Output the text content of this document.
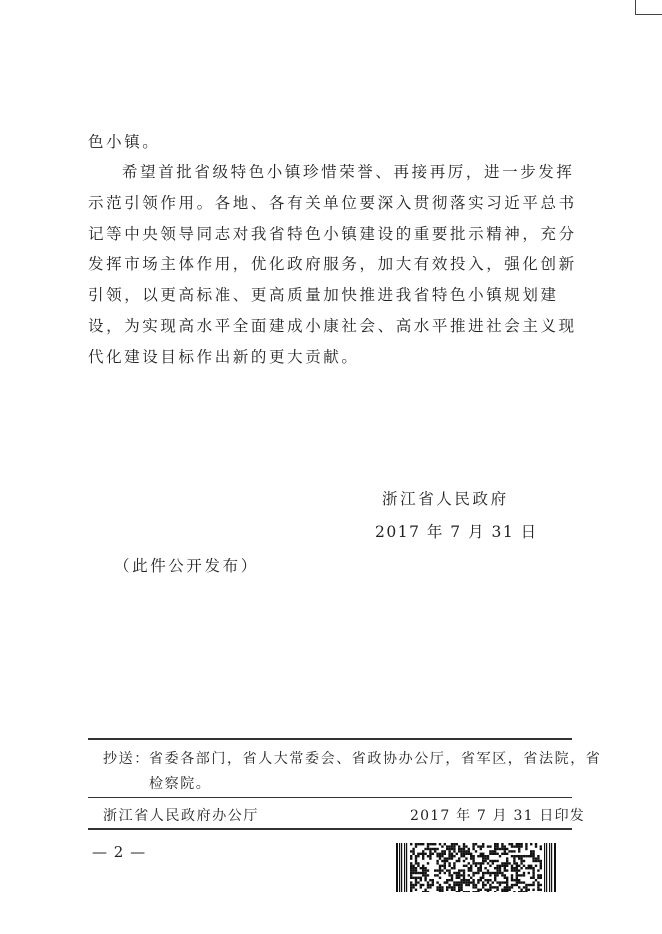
色小镇。

希望首批省级特色小镇珍惜荣誉、再接再厉，进一步发挥示范引领作用。各地、各有关单位要深入贯彻落实习近平总书记等中央领导同志对我省特色小镇建设的重要批示精神，充分发挥市场主体作用，优化政府服务，加大有效投入，强化创新引领，以更高标准、更高质量加快推进我省特色小镇规划建设，为实现高水平全面建成小康社会、高水平推进社会主义现代化建设目标作出新的更大贡献。

浙江省人民政府
2017 年 7 月 31 日
（此件公开发布）
抄送： 省委各部门，省人大常委会、省政协办公厅，省军区，省法院，省
检察院。
浙江省人民政府办公厅	2017 年 7 月 31 日印发
— 2 —
